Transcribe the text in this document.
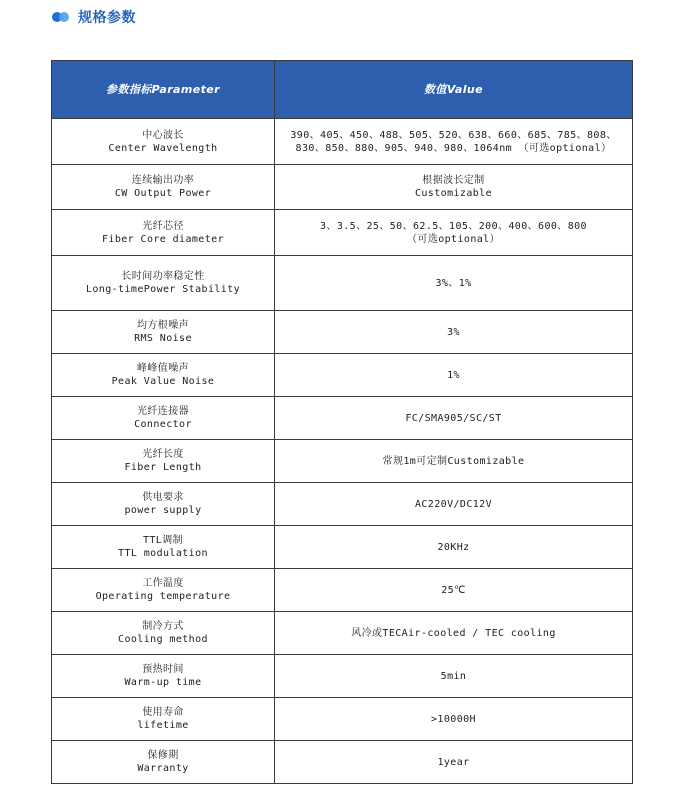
规格参数
参数指标Parameter	数值Value

中心波长
Center Wavelength	390、405、450、488、505、520、638、660、685、785、808、
830、850、880、905、940、980、1064nm （可选optional）

连续输出功率
CW Output Power	根据波长定制
Customizable

光纤芯径
Fiber Core diameter	3、3.5、25、50、62.5、105、200、400、600、800
（可选optional）

长时间功率稳定性
Long-timePower Stability	3%、1%

均方根噪声
RMS Noise	3%

峰峰值噪声
Peak Value Noise	1%

光纤连接器
Connector	FC/SMA905/SC/ST

光纤长度
Fiber Length	常规1m可定制Customizable

供电要求
power supply	AC220V/DC12V

TTL调制
TTL modulation	20KHz

工作温度
Operating temperature	25℃

制冷方式
Cooling method	风冷或TECAir-cooled / TEC cooling

预热时间
Warm-up time	5min

使用寿命
lifetime	>10000H

保修期
Warranty	1year
